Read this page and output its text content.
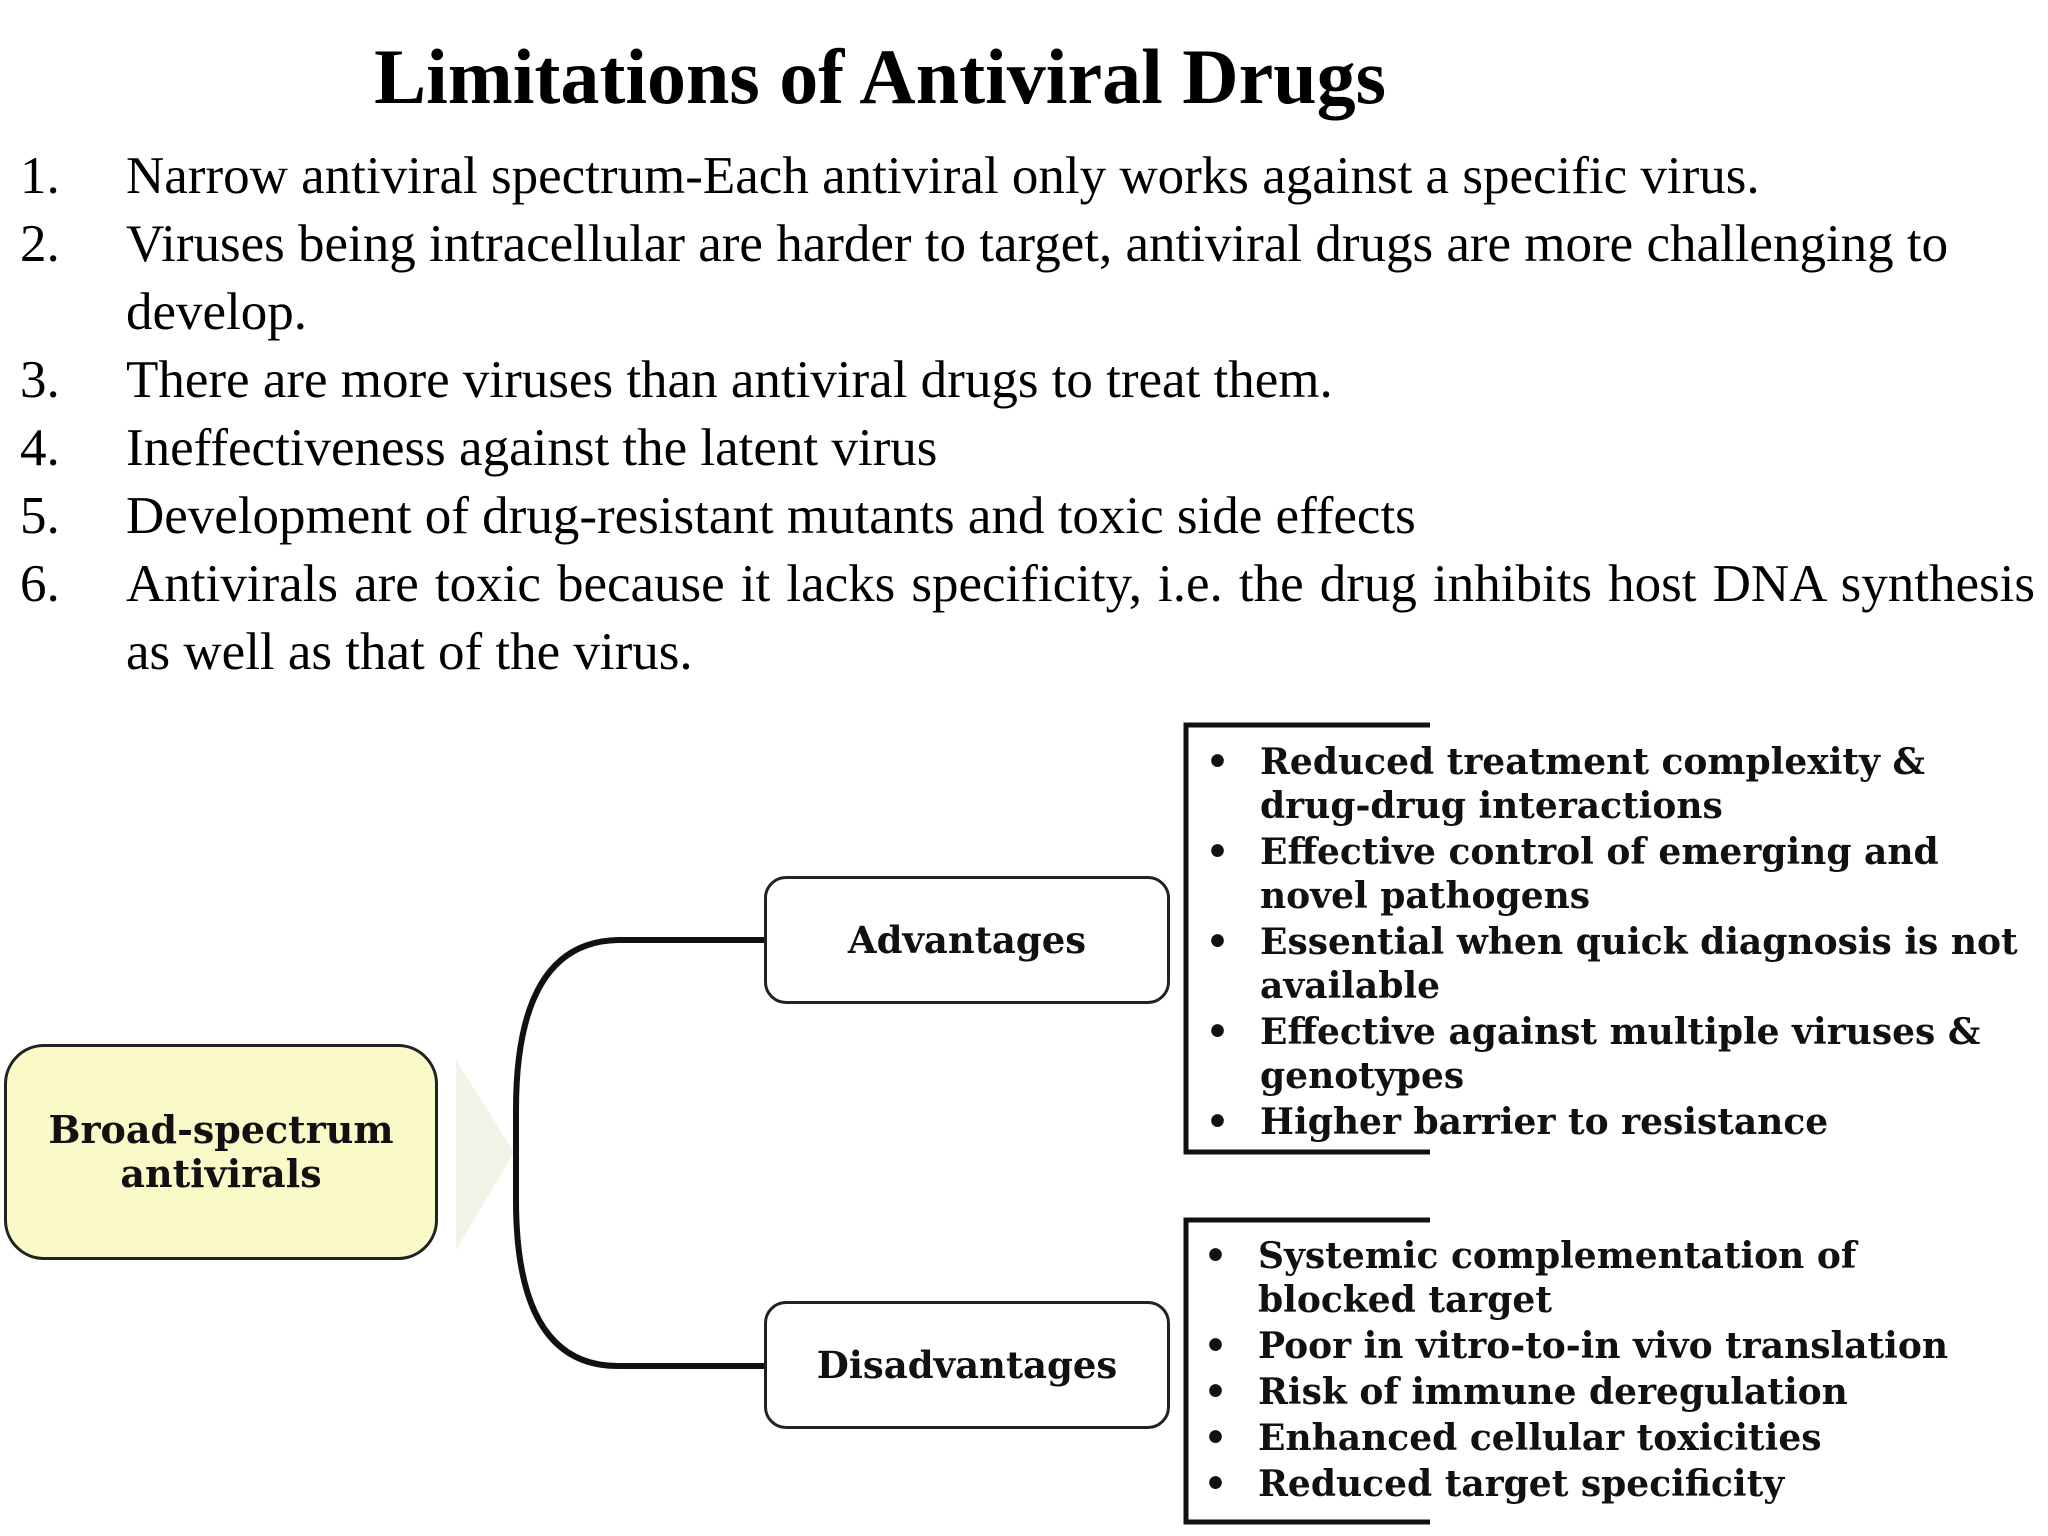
Limitations of Antiviral Drugs
1.	Narrow antiviral spectrum-Each antiviral only works against a specific virus.
2.	Viruses being intracellular are harder to target, antiviral drugs are more challenging to develop.
3.	There are more viruses than antiviral drugs to treat them.
4.	Ineffectiveness against the latent virus
5.	Development of drug-resistant mutants and toxic side effects
6.	Antivirals are toxic because it lacks specificity, i.e. the drug inhibits host DNA synthesis as well as that of the virus.
Broad-spectrum antivirals
Advantages
Disadvantages
• Reduced treatment complexity & drug-drug interactions
• Effective control of emerging and novel pathogens
• Essential when quick diagnosis is not available
• Effective against multiple viruses & genotypes
• Higher barrier to resistance
• Systemic complementation of blocked target
• Poor in vitro-to-in vivo translation
• Risk of immune deregulation
• Enhanced cellular toxicities
• Reduced target specificity
